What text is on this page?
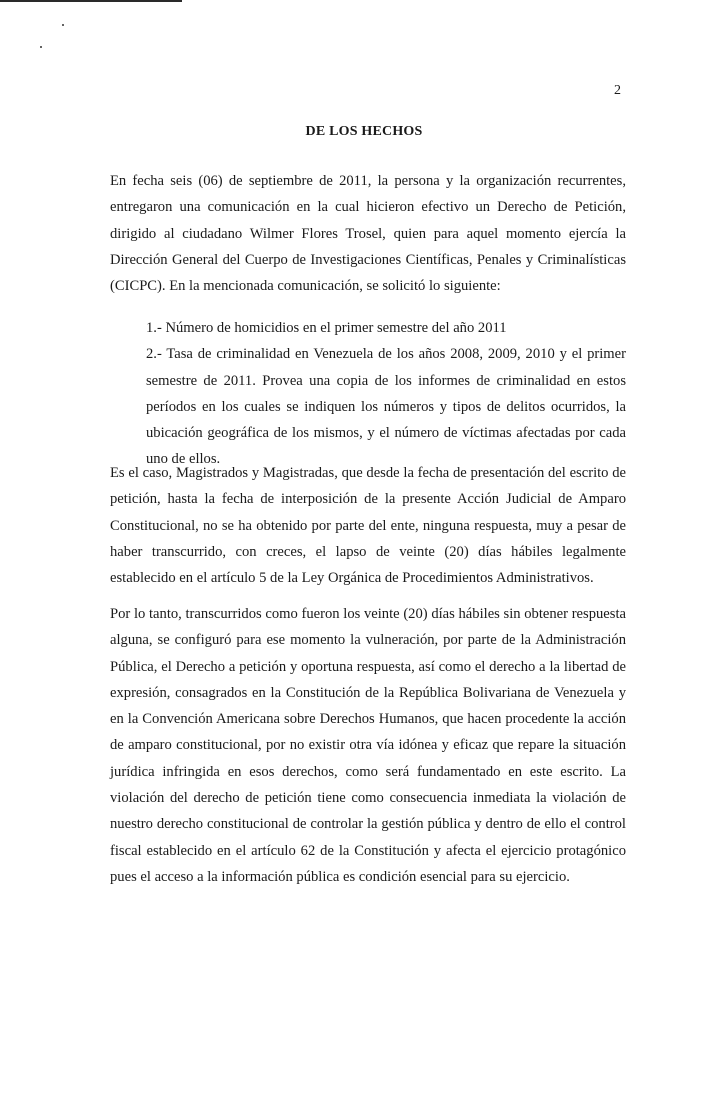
2
DE LOS HECHOS

En fecha seis (06) de septiembre de 2011, la persona y la organización recurrentes, entregaron una comunicación en la cual hicieron efectivo un Derecho de Petición, dirigido al ciudadano Wilmer Flores Trosel, quien para aquel momento ejercía la Dirección General del Cuerpo de Investigaciones Científicas, Penales y Criminalísticas (CICPC). En la mencionada comunicación, se solicitó lo siguiente:

1.- Número de homicidios en el primer semestre del año 2011
2.- Tasa de criminalidad en Venezuela de los años 2008, 2009, 2010 y el primer semestre de 2011. Provea una copia de los informes de criminalidad en estos períodos en los cuales se indiquen los números y tipos de delitos ocurridos, la ubicación geográfica de los mismos, y el número de víctimas afectadas por cada uno de ellos.

Es el caso, Magistrados y Magistradas, que desde la fecha de presentación del escrito de petición, hasta la fecha de interposición de la presente Acción Judicial de Amparo Constitucional, no se ha obtenido por parte del ente, ninguna respuesta, muy a pesar de haber transcurrido, con creces, el lapso de veinte (20) días hábiles legalmente establecido en el artículo 5 de la Ley Orgánica de Procedimientos Administrativos.

Por lo tanto, transcurridos como fueron los veinte (20) días hábiles sin obtener respuesta alguna, se configuró para ese momento la vulneración, por parte de la Administración Pública, el Derecho a petición y oportuna respuesta, así como el derecho a la libertad de expresión, consagrados en la Constitución de la República Bolivariana de Venezuela y en la Convención Americana sobre Derechos Humanos, que hacen procedente la acción de amparo constitucional, por no existir otra vía idónea y eficaz que repare la situación jurídica infringida en esos derechos, como será fundamentado en este escrito. La violación del derecho de petición tiene como consecuencia inmediata la violación de nuestro derecho constitucional de controlar la gestión pública y dentro de ello el control fiscal establecido en el artículo 62 de la Constitución y afecta el ejercicio protagónico pues el acceso a la información pública es condición esencial para su ejercicio.
